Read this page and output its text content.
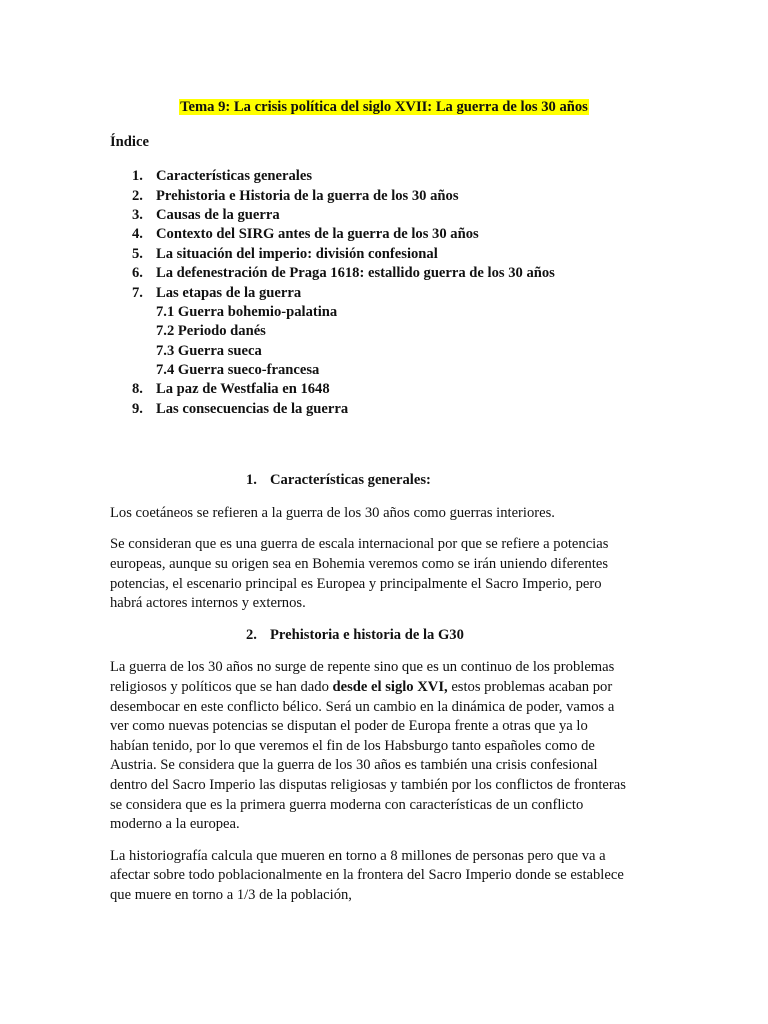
Tema 9: La crisis política del siglo XVII: La guerra de los 30 años
Índice
1. Características generales
2. Prehistoria e Historia de la guerra de los 30 años
3. Causas de la guerra
4. Contexto del SIRG antes de la guerra de los 30 años
5. La situación del imperio: división confesional
6. La defenestración de Praga 1618: estallido guerra de los 30 años
7. Las etapas de la guerra
7.1 Guerra bohemio-palatina
7.2 Periodo danés
7.3 Guerra sueca
7.4 Guerra sueco-francesa
8. La paz de Westfalia en 1648
9. Las consecuencias de la guerra
1. Características generales:

Los coetáneos se refieren a la guerra de los 30 años como guerras interiores.

Se consideran que es una guerra de escala internacional por que se refiere a potencias
europeas, aunque su origen sea en Bohemia veremos como se irán uniendo diferentes
potencias, el escenario principal es Europea y principalmente el Sacro Imperio, pero
habrá actores internos y externos.

2. Prehistoria e historia de la G30

La guerra de los 30 años no surge de repente sino que es un continuo de los problemas
religiosos y políticos que se han dado desde el siglo XVI, estos problemas acaban por
desembocar en este conflicto bélico. Será un cambio en la dinámica de poder, vamos a
ver como nuevas potencias se disputan el poder de Europa frente a otras que ya lo
habían tenido, por lo que veremos el fin de los Habsburgo tanto españoles como de
Austria. Se considera que la guerra de los 30 años es también una crisis confesional
dentro del Sacro Imperio las disputas religiosas y también por los conflictos de fronteras
se considera que es la primera guerra moderna con características de un conflicto
moderno a la europea.

La historiografía calcula que mueren en torno a 8 millones de personas pero que va a
afectar sobre todo poblacionalmente en la frontera del Sacro Imperio donde se establece
que muere en torno a 1/3 de la población,
